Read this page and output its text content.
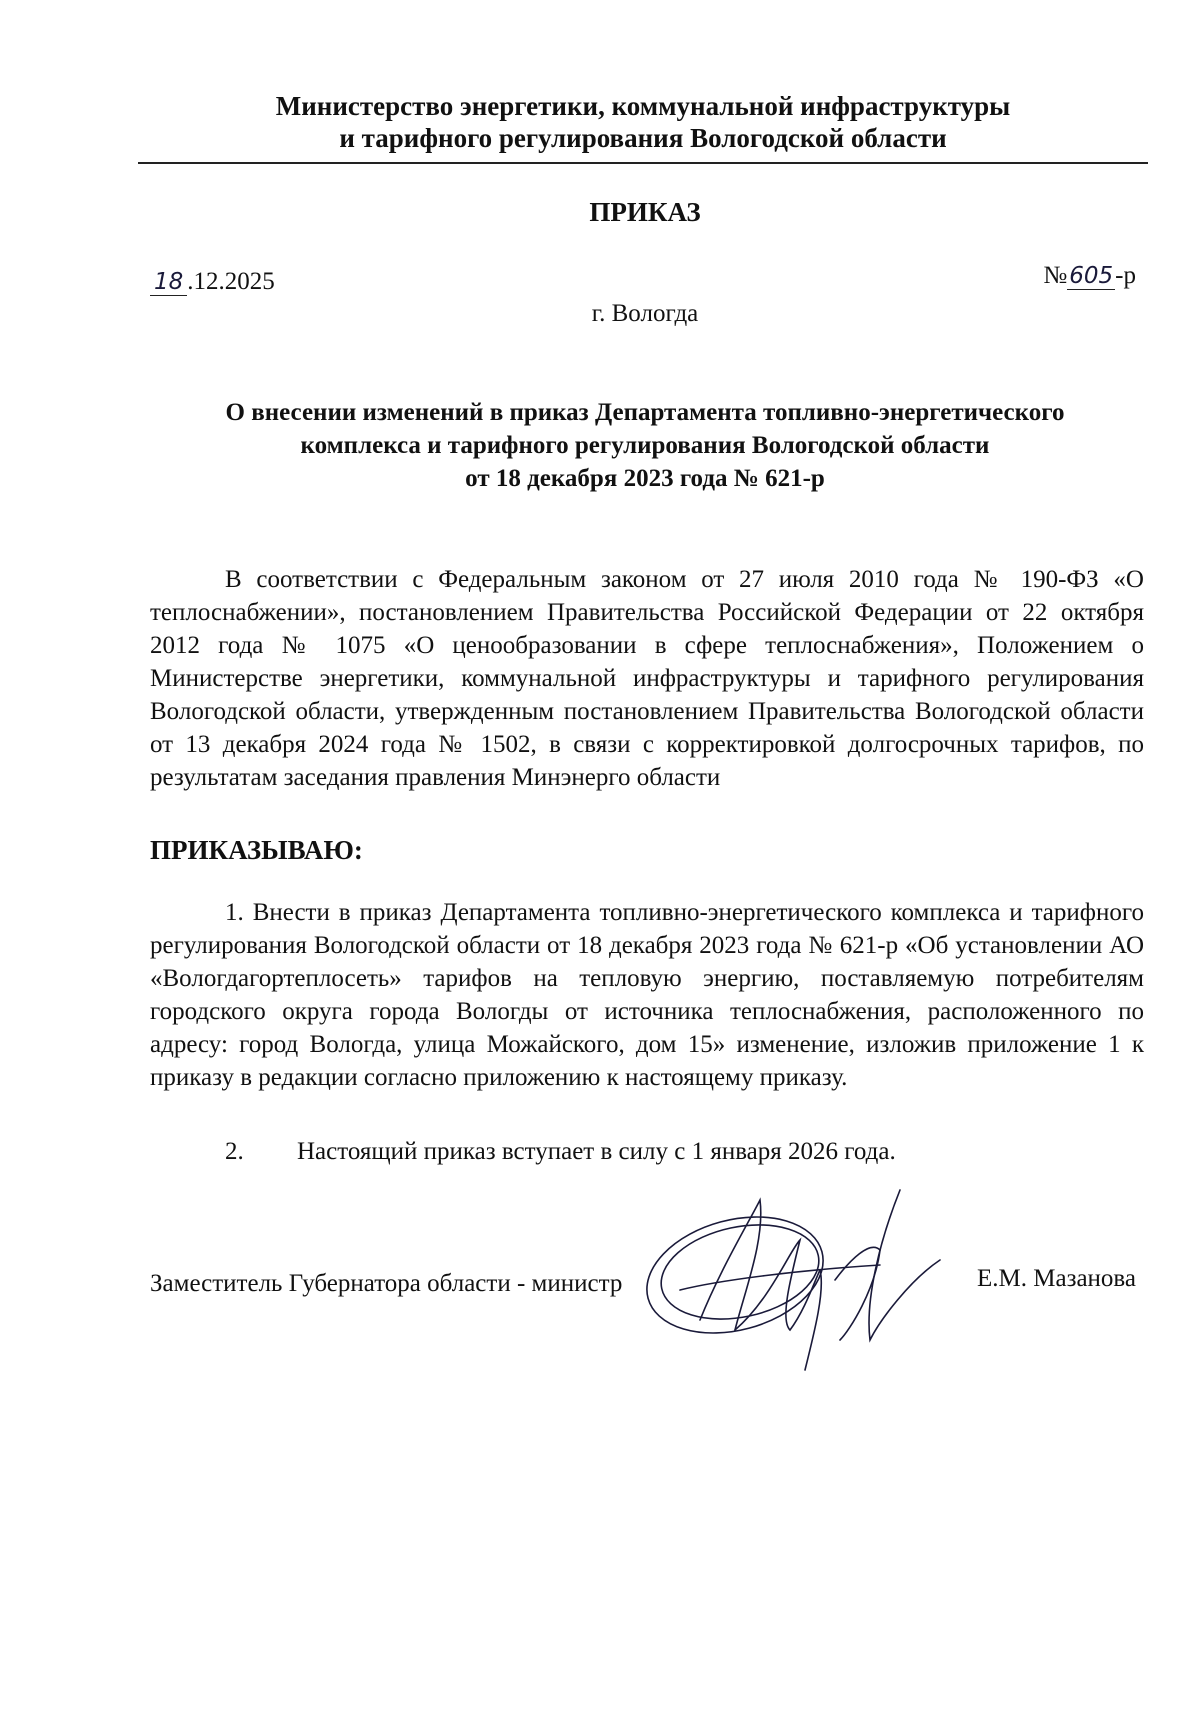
Министерство энергетики, коммунальной инфраструктуры
и тарифного регулирования Вологодской области
ПРИКАЗ
18 .12.2025	№605-р
г. Вологда
О внесении изменений в приказ Департамента топливно-энергетического
комплекса и тарифного регулирования Вологодской области
от 18 декабря 2023 года № 621-р
В соответствии с Федеральным законом от 27 июля 2010 года № 190-ФЗ «О теплоснабжении», постановлением Правительства Российской Федерации от 22 октября 2012 года № 1075 «О ценообразовании в сфере теплоснабжения», Положением о Министерстве энергетики, коммунальной инфраструктуры и тарифного регулирования Вологодской области, утвержденным постановлением Правительства Вологодской области от 13 декабря 2024 года № 1502, в связи с корректировкой долгосрочных тарифов, по результатам заседания правления Минэнерго области
ПРИКАЗЫВАЮ:
1. Внести в приказ Департамента топливно-энергетического комплекса и тарифного регулирования Вологодской области от 18 декабря 2023 года № 621-р «Об установлении АО «Вологдагортеплосеть» тарифов на тепловую энергию, поставляемую потребителям городского округа города Вологды от источника теплоснабжения, расположенного по адресу: город Вологда, улица Можайского, дом 15» изменение, изложив приложение 1 к приказу в редакции согласно приложению к настоящему приказу.
2. Настоящий приказ вступает в силу с 1 января 2026 года.
Заместитель Губернатора области - министр	Е.М. Мазанова
